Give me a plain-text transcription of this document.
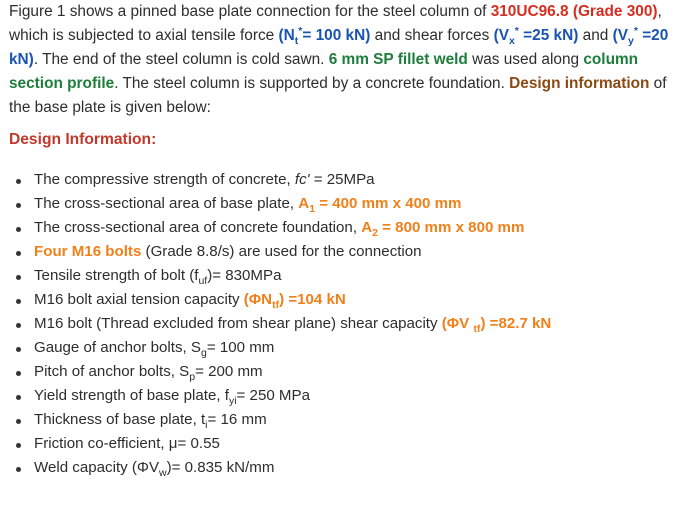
Figure 1 shows a pinned base plate connection for the steel column of 310UC96.8 (Grade 300), which is subjected to axial tensile force ($N_t^*= 100$ kN) and shear forces ($V_x^* =25$ kN) and ($V_y^* =20$ kN). The end of the steel column is cold sawn. 6 mm SP fillet weld was used along column section profile. The steel column is supported by a concrete foundation. Design information of the base plate is given below:

Design Information:

The compressive strength of concrete, fc' = 25MPa
The cross-sectional area of base plate, $A_1 = 400$ mm x 400 mm
The cross-sectional area of concrete foundation, $A_2 = 800$ mm x 800 mm
Four M16 bolts (Grade 8.8/s) are used for the connection
Tensile strength of bolt $(f_{uf})= 830MPa$
M16 bolt axial tension capacity $(\Phi N_{tf}) =104$ kN
M16 bolt (Thread excluded from shear plane) shear capacity (ΦV $_{tf}$) =82.7 kN
Gauge of anchor bolts, $S_g= 100$ mm
Pitch of anchor bolts, $S_p= 200$ mm
Yield strength of base plate, $f_{yi}= 250$ MPa
Thickness of base plate, $t_i= 16$ mm
Friction co-efficient, μ= 0.55
Weld capacity $(\Phi V_w)= 0.835$ kN/mm
